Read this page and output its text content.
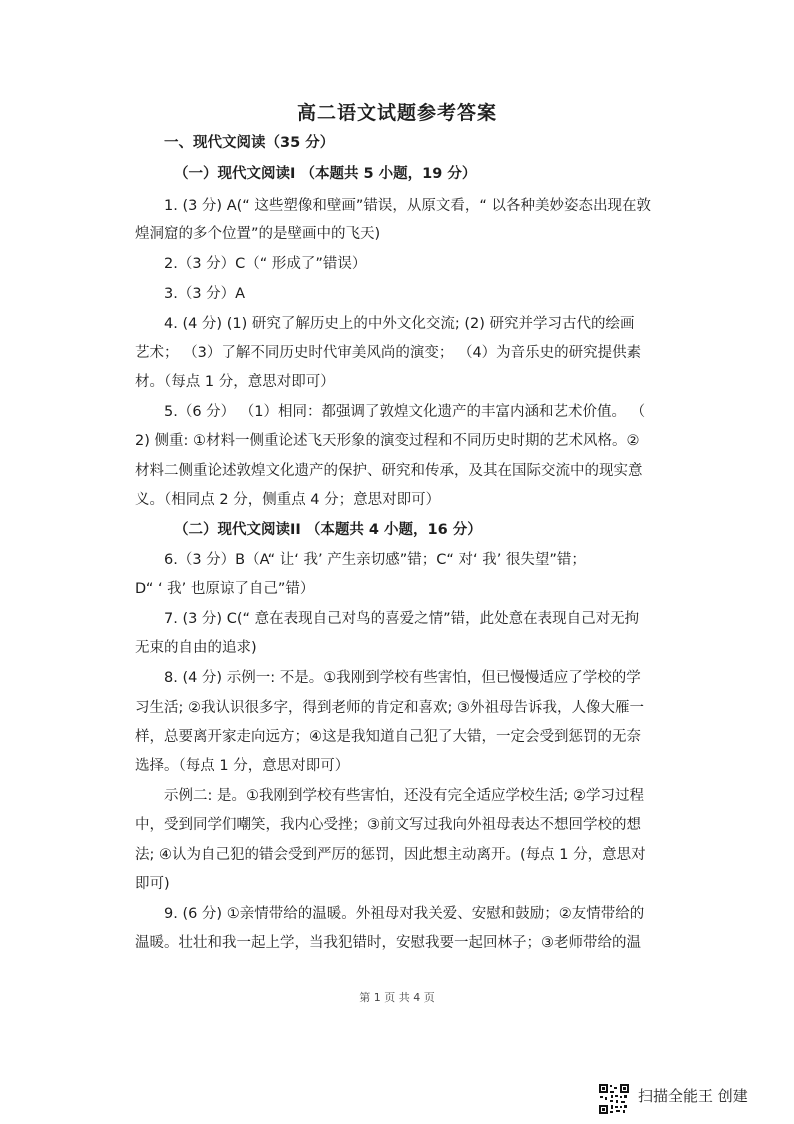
高二语文试题参考答案
一、现代文阅读（35 分）
（一）现代文阅读I （本题共 5 小题，19 分）
1. (3 分) A(“ 这些塑像和壁画”错误，从原文看，“ 以各种美妙姿态出现在敦
煌洞窟的多个位置”的是壁画中的飞天)
2.（3 分）C（“ 形成了”错误）
3.（3 分）A
4. (4 分) (1) 研究了解历史上的中外文化交流; (2) 研究并学习古代的绘画
艺术； （3）了解不同历史时代审美风尚的演变； （4）为音乐史的研究提供素
材。（每点 1 分，意思对即可）
5.（6 分） （1）相同：都强调了敦煌文化遗产的丰富内涵和艺术价值。 （
2) 侧重: ①材料一侧重论述飞天形象的演变过程和不同历史时期的艺术风格。②
材料二侧重论述敦煌文化遗产的保护、研究和传承，及其在国际交流中的现实意
义。（相同点 2 分，侧重点 4 分；意思对即可）
（二）现代文阅读II （本题共 4 小题，16 分）
6.（3 分）B（A“ 让‘ 我’ 产生亲切感”错；C“ 对‘ 我’ 很失望”错；
D“ ‘ 我’ 也原谅了自己”错）
7. (3 分) C(“ 意在表现自己对鸟的喜爱之情”错，此处意在表现自己对无拘
无束的自由的追求)
8. (4 分) 示例一: 不是。①我刚到学校有些害怕，但已慢慢适应了学校的学
习生活; ②我认识很多字，得到老师的肯定和喜欢; ③外祖母告诉我，人像大雁一
样，总要离开家走向远方；④这是我知道自己犯了大错，一定会受到惩罚的无奈
选择。（每点 1 分，意思对即可）
示例二: 是。①我刚到学校有些害怕，还没有完全适应学校生活; ②学习过程
中，受到同学们嘲笑，我内心受挫；③前文写过我向外祖母表达不想回学校的想
法; ④认为自己犯的错会受到严厉的惩罚，因此想主动离开。(每点 1 分，意思对
即可)
9. (6 分) ①亲情带给的温暖。外祖母对我关爱、安慰和鼓励；②友情带给的
温暖。壮壮和我一起上学，当我犯错时，安慰我要一起回林子；③老师带给的温
第 1 页 共 4 页
扫描全能王 创建
